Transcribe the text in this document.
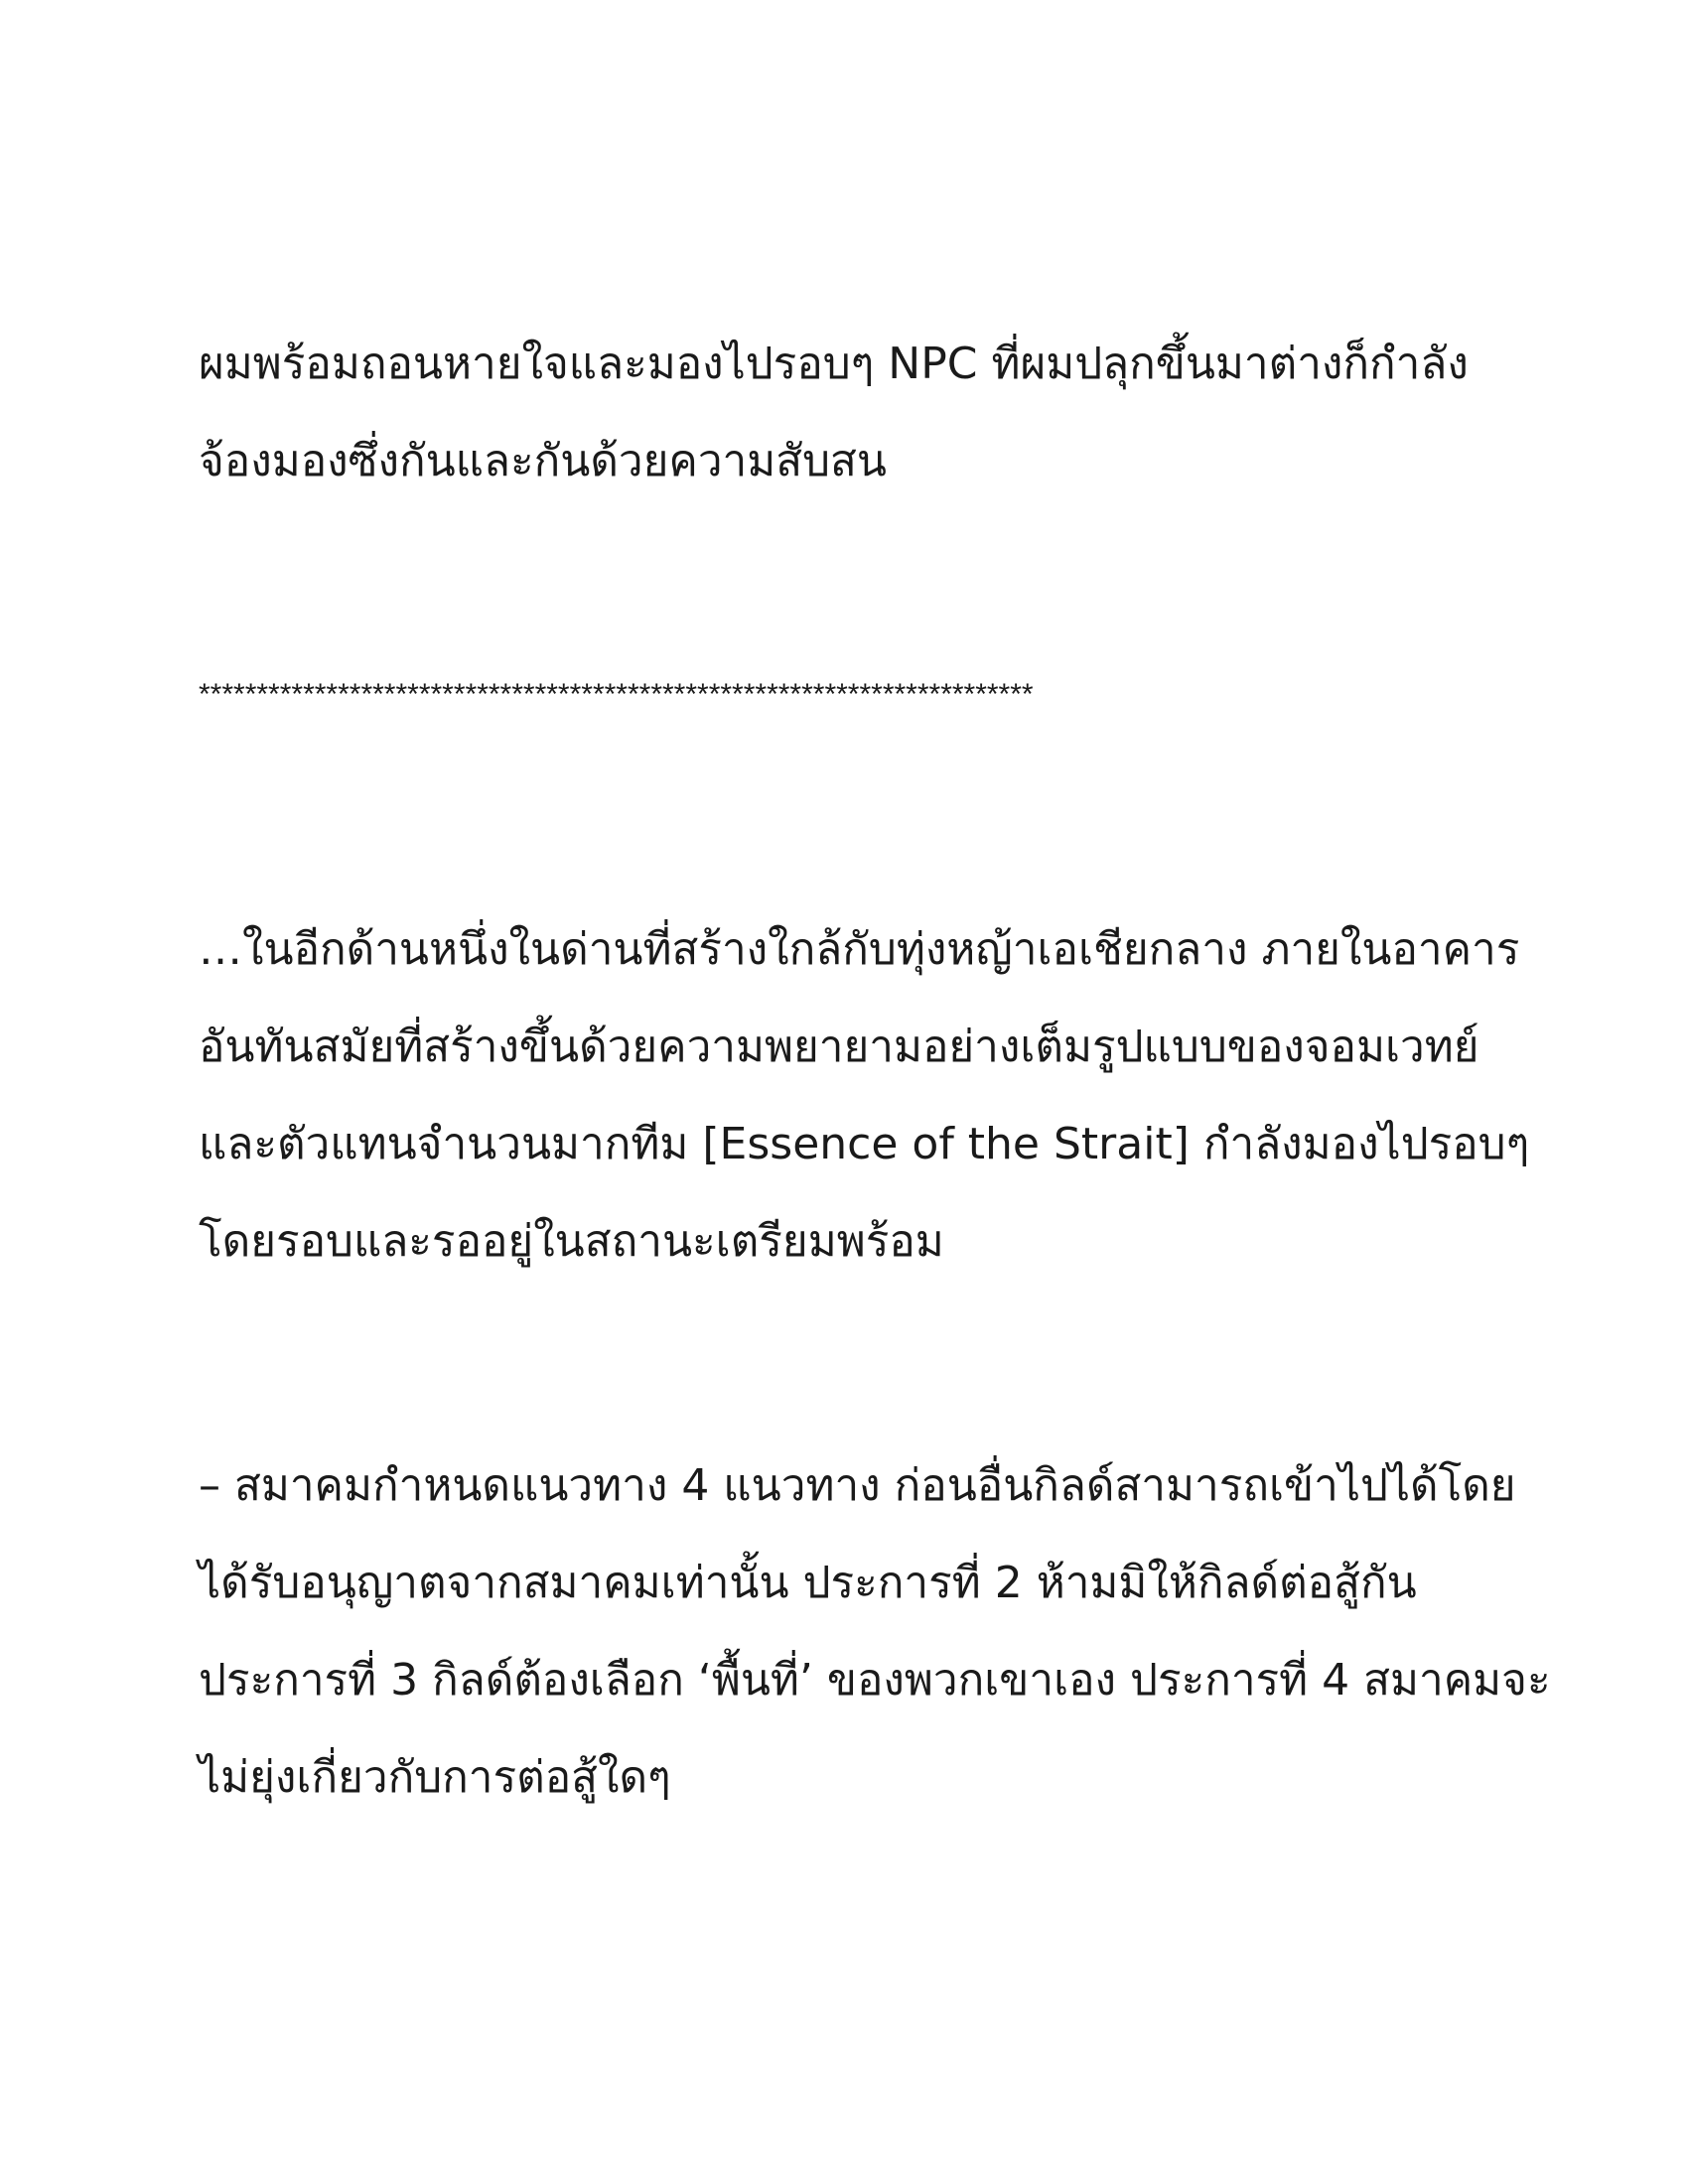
ผมพร้อมถอนหายใจและมองไปรอบๆ NPC ที่ผมปลุกขึ้นมาต่างก็กำลัง
จ้องมองซึ่งกันและกันด้วยความสับสน

************************************************************************

…ในอีกด้านหนึ่งในด่านที่สร้างใกล้กับทุ่งหญ้าเอเชียกลาง ภายในอาคาร
อันทันสมัยที่สร้างขึ้นด้วยความพยายามอย่างเต็มรูปแบบของจอมเวทย์
และตัวแทนจำนวนมากทีม [Essence of the Strait] กำลังมองไปรอบๆ
โดยรอบและรออยู่ในสถานะเตรียมพร้อม

– สมาคมกำหนดแนวทาง 4 แนวทาง ก่อนอื่นกิลด์สามารถเข้าไปได้โดย
ได้รับอนุญาตจากสมาคมเท่านั้น ประการที่ 2 ห้ามมิให้กิลด์ต่อสู้กัน
ประการที่ 3 กิลด์ต้องเลือก ‘พื้นที่’ ของพวกเขาเอง ประการที่ 4 สมาคมจะ
ไม่ยุ่งเกี่ยวกับการต่อสู้ใดๆ
